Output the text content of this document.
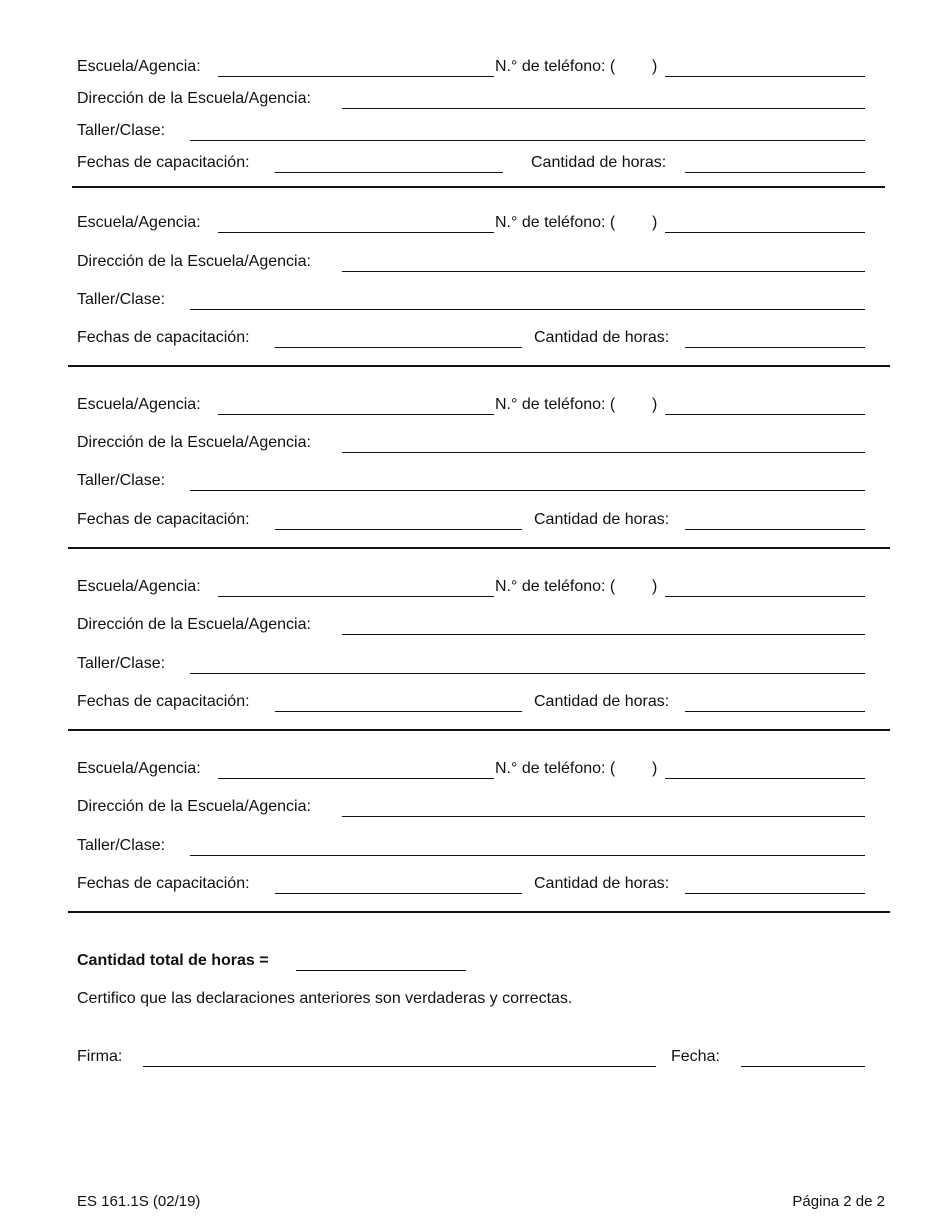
Escuela/Agencia:	N.° de teléfono: ( )
Dirección de la Escuela/Agencia:
Taller/Clase:
Fechas de capacitación:	Cantidad de horas:
Escuela/Agencia:	N.° de teléfono: ( )
Dirección de la Escuela/Agencia:
Taller/Clase:
Fechas de capacitación:	Cantidad de horas:
Escuela/Agencia:	N.° de teléfono: ( )
Dirección de la Escuela/Agencia:
Taller/Clase:
Fechas de capacitación:	Cantidad de horas:
Escuela/Agencia:	N.° de teléfono: ( )
Dirección de la Escuela/Agencia:
Taller/Clase:
Fechas de capacitación:	Cantidad de horas:
Escuela/Agencia:	N.° de teléfono: ( )
Dirección de la Escuela/Agencia:
Taller/Clase:
Fechas de capacitación:	Cantidad de horas:
Cantidad total de horas =
Certifico que las declaraciones anteriores son verdaderas y correctas.
Firma:	Fecha:
ES 161.1S (02/19)	Página 2 de 2
